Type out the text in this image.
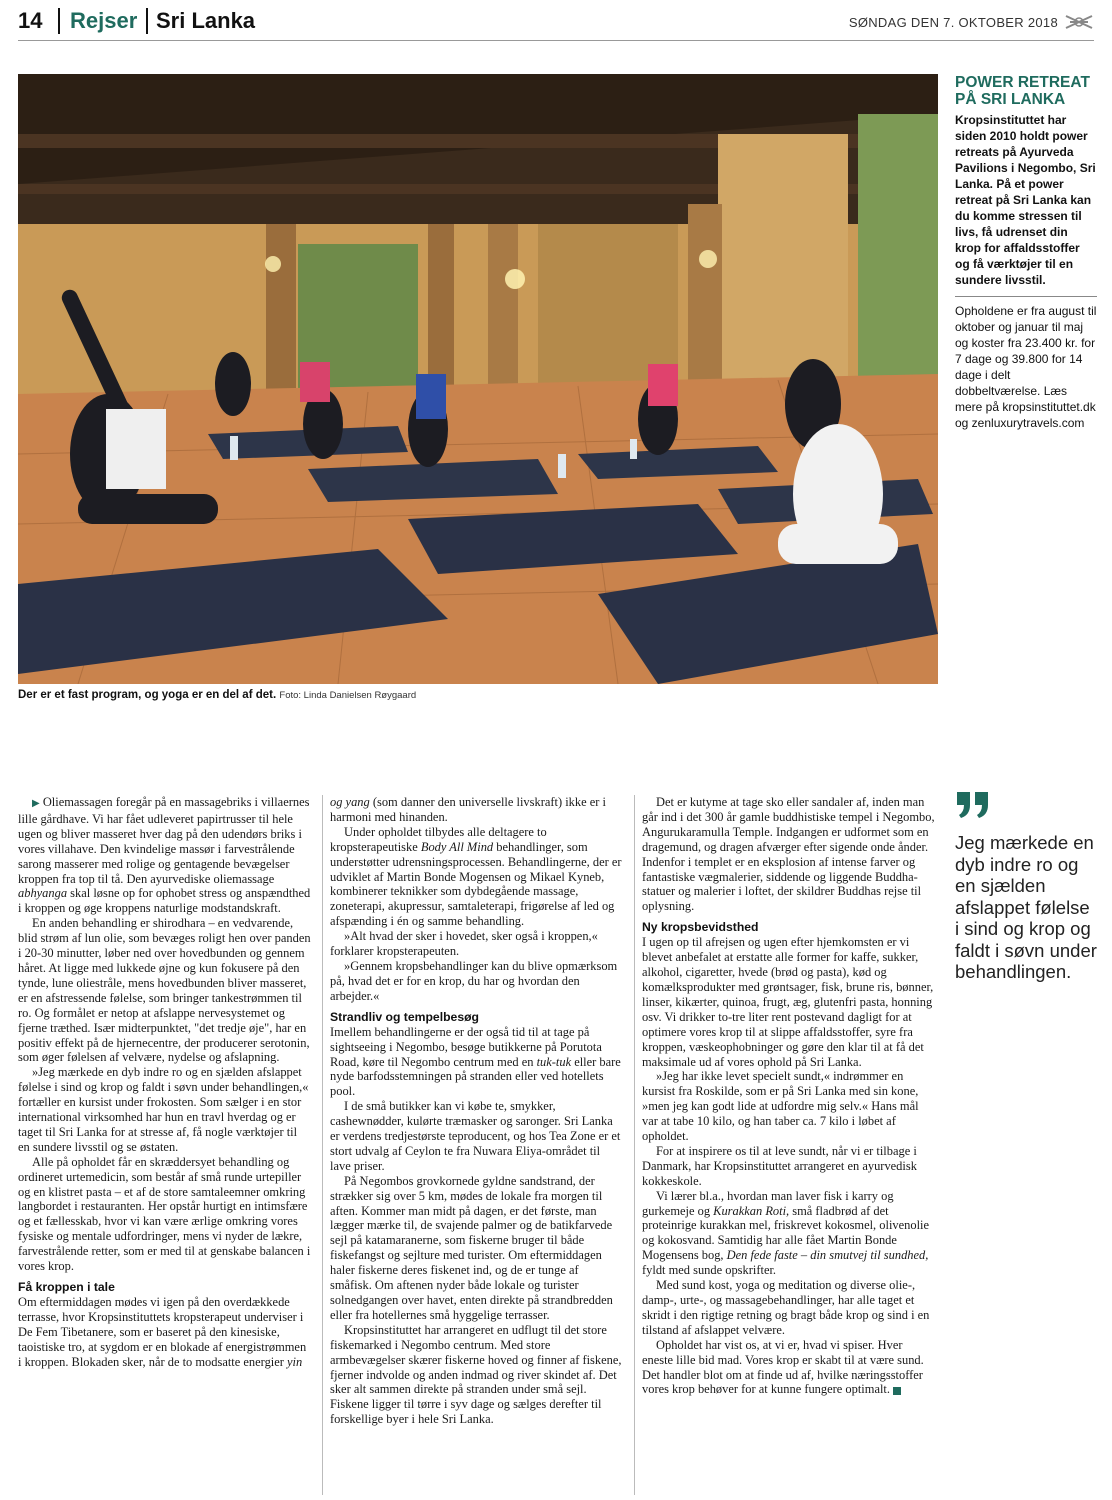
14 Rejser Sri Lanka	SØNDAG DEN 7. OKTOBER 2018
Der er et fast program, og yoga er en del af det. Foto: Linda Danielsen Røygaard
POWER RETREAT
PÅ SRI LANKA

Kropsinstituttet har siden 2010 holdt power retreats på Ayurveda Pavilions i Negombo, Sri Lanka. På et power retreat på Sri Lanka kan du komme stressen til livs, få udrenset din krop for affaldsstoffer og få værktøjer til en sundere livsstil.

Opholdene er fra august til oktober og januar til maj og koster fra 23.400 kr. for 7 dage og 39.800 for 14 dage i delt dobbeltværelse. Læs mere på kropsinstituttet.dk og zenluxurytravels.com

▶ Oliemassagen foregår på en massagebriks i villaernes lille gårdhave. Vi har fået udleveret papirtrusser til hele ugen og bliver masseret hver dag på den udendørs briks i vores villahave. Den kvindelige massør i farvestrålende sarong masserer med rolige og gentagende bevægelser kroppen fra top til tå. Den ayurvediske oliemassage abhyanga skal løsne op for ophobet stress og anspændthed i kroppen og øge kroppens naturlige modstandskraft.

En anden behandling er shirodhara – en vedvarende, blid strøm af lun olie, som bevæges roligt hen over panden i 20-30 minutter, løber ned over hovedbunden og gennem håret. At ligge med lukkede øjne og kun fokusere på den tynde, lune oliestråle, mens hovedbunden bliver masseret, er en afstressende følelse, som bringer tankestrømmen til ro. Og formålet er netop at afslappe nervesystemet og fjerne træthed. Især midterpunktet, "det tredje øje", har en positiv effekt på de hjernecentre, der producerer serotonin, som øger følelsen af velvære, nydelse og afslapning.

»Jeg mærkede en dyb indre ro og en sjælden afslappet følelse i sind og krop og faldt i søvn under behandlingen,« fortæller en kursist under frokosten. Som sælger i en stor international virksomhed har hun en travl hverdag og er taget til Sri Lanka for at stresse af, få nogle værktøjer til en sundere livsstil og se østaten.

Alle på opholdet får en skræddersyet behandling og ordineret urtemedicin, som består af små runde urtepiller og en klistret pasta – et af de store samtaleemner omkring langbordet i restauranten. Her opstår hurtigt en intimsfære og et fællesskab, hvor vi kan være ærlige omkring vores fysiske og mentale udfordringer, mens vi nyder de lækre, farvestrålende retter, som er med til at genskabe balancen i vores krop.

Få kroppen i tale

Om eftermiddagen mødes vi igen på den overdækkede terrasse, hvor Kropsinstituttets kropsterapeut underviser i De Fem Tibetanere, som er baseret på den kinesiske, taoistiske tro, at sygdom er en blokade af energistrømmen i kroppen. Blokaden sker, når de to modsatte energier yin

og yang (som danner den universelle livskraft) ikke er i harmoni med hinanden.

Under opholdet tilbydes alle deltagere to kropsterapeutiske Body All Mind behandlinger, som understøtter udrensningsprocessen. Behandlingerne, der er udviklet af Martin Bonde Mogensen og Mikael Kyneb, kombinerer teknikker som dybdegående massage, zoneterapi, akupressur, samtaleterapi, frigørelse af led og afspænding i én og samme behandling.

»Alt hvad der sker i hovedet, sker også i kroppen,« forklarer kropsterapeuten.

»Gennem kropsbehandlinger kan du blive opmærksom på, hvad det er for en krop, du har og hvordan den arbejder.«

Strandliv og tempelbesøg

Imellem behandlingerne er der også tid til at tage på sightseeing i Negombo, besøge butikkerne på Porutota Road, køre til Negombo centrum med en tuk-tuk eller bare nyde barfodsstemningen på stranden eller ved hotellets pool.

I de små butikker kan vi købe te, smykker, cashewnødder, kulørte træmasker og saronger. Sri Lanka er verdens tredjestørste teproducent, og hos Tea Zone er et stort udvalg af Ceylon te fra Nuwara Eliya-området til lave priser.

På Negombos grovkornede gyldne sandstrand, der strækker sig over 5 km, mødes de lokale fra morgen til aften. Kommer man midt på dagen, er det første, man lægger mærke til, de svajende palmer og de batikfarvede sejl på katamaranerne, som fiskerne bruger til både fiskefangst og sejlture med turister. Om eftermiddagen haler fiskerne deres fiskenet ind, og de er tunge af småfisk. Om aftenen nyder både lokale og turister solnedgangen over havet, enten direkte på strandbredden eller fra hotellernes små hyggelige terrasser.

Kropsinstituttet har arrangeret en udflugt til det store fiskemarked i Negombo centrum. Med store armbevægelser skærer fiskerne hoved og finner af fiskene, fjerner indvolde og anden indmad og river skindet af. Det sker alt sammen direkte på stranden under små sejl. Fiskene ligger til tørre i syv dage og sælges derefter til forskellige byer i hele Sri Lanka.

Det er kutyme at tage sko eller sandaler af, inden man går ind i det 300 år gamle buddhistiske tempel i Negombo, Angurukaramulla Temple. Indgangen er udformet som en dragemund, og dragen afværger efter sigende onde ånder. Indenfor i templet er en eksplosion af intense farver og fantastiske vægmalerier, siddende og liggende Buddha-statuer og malerier i loftet, der skildrer Buddhas rejse til oplysning.

Ny kropsbevidsthed

I ugen op til afrejsen og ugen efter hjemkomsten er vi blevet anbefalet at erstatte alle former for kaffe, sukker, alkohol, cigaretter, hvede (brød og pasta), kød og komælksprodukter med grøntsager, fisk, brune ris, bønner, linser, kikærter, quinoa, frugt, æg, glutenfri pasta, honning osv. Vi drikker to-tre liter rent postevand dagligt for at optimere vores krop til at slippe affaldsstoffer, syre fra kroppen, væskeophobninger og gøre den klar til at få det maksimale ud af vores ophold på Sri Lanka.

»Jeg har ikke levet specielt sundt,« indrømmer en kursist fra Roskilde, som er på Sri Lanka med sin kone, »men jeg kan godt lide at udfordre mig selv.« Hans mål var at tabe 10 kilo, og han taber ca. 7 kilo i løbet af opholdet.

For at inspirere os til at leve sundt, når vi er tilbage i Danmark, har Kropsinstituttet arrangeret en ayurvedisk kokkeskole.

Vi lærer bl.a., hvordan man laver fisk i karry og gurkemeje og Kurakkan Roti, små fladbrød af det proteinrige kurakkan mel, friskrevet kokosmel, olivenolie og kokosvand. Samtidig har alle fået Martin Bonde Mogensens bog, Den fede faste – din smutvej til sundhed, fyldt med sunde opskrifter.

Med sund kost, yoga og meditation og diverse olie-, damp-, urte-, og massagebehandlinger, har alle taget et skridt i den rigtige retning og bragt både krop og sind i en tilstand af afslappet velvære.

Opholdet har vist os, at vi er, hvad vi spiser. Hver eneste lille bid mad. Vores krop er skabt til at være sund. Det handler blot om at finde ud af, hvilke næringsstoffer vores krop behøver for at kunne fungere optimalt.

Jeg mærkede en dyb indre ro og en sjælden afslappet følelse i sind og krop og faldt i søvn under behandlingen.
